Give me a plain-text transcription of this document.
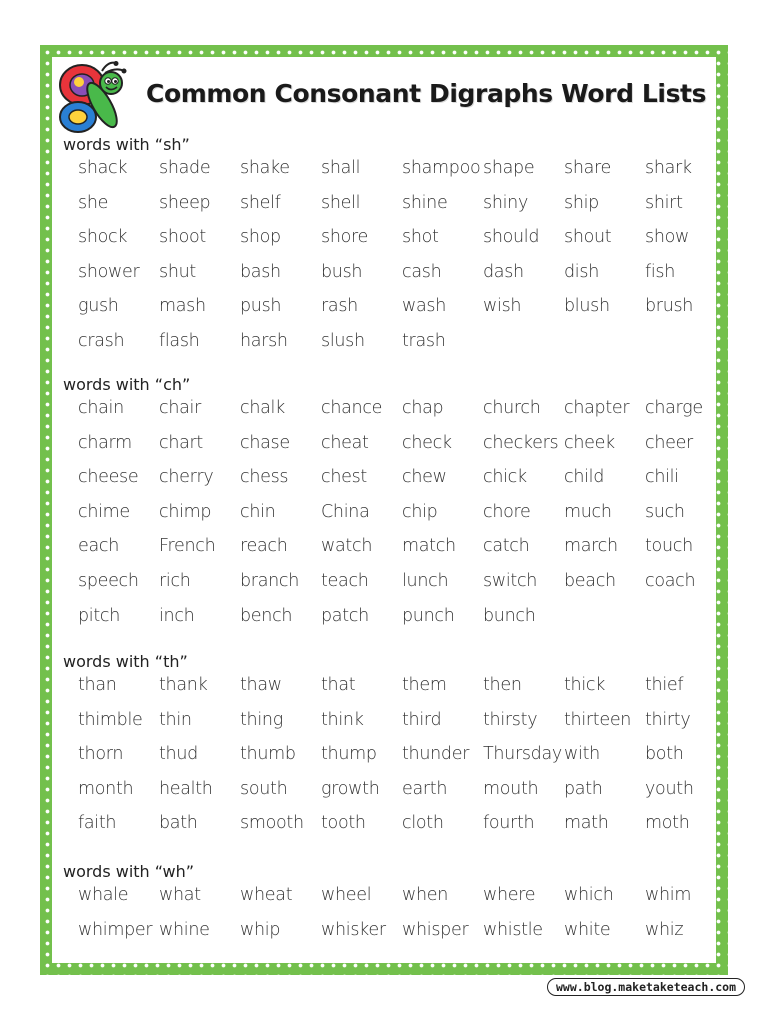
Common Consonant Digraphs Word Lists
words with “sh”
shack	shade	shake	shall	shampoo shape	share	shark
she	sheep	shelf	shell	shine	shiny	ship	shirt
shock	shoot	shop	shore	shot	should	shout	show
shower	shut	bash	bush	cash	dash	dish	fish
gush	mash	push	rash	wash	wish	blush	brush
crash	flash	harsh	slush	trash
words with “ch”
chain	chair	chalk	chance	chap	church	chapter charge
charm	chart	chase	cheat	check	checkers cheek	cheer
cheese	cherry	chess	chest	chew	chick	child	chili
chime	chimp	chin	China	chip	chore	much	such
each	French	reach	watch	match	catch	march	touch
speech	rich	branch	teach	lunch	switch	beach	coach
pitch	inch	bench	patch	punch	bunch
words with “th”
than	thank	thaw	that	them	then	thick	thief
thimble thin	thing	think	third	thirsty	thirteen thirty
thorn	thud	thumb	thump	thunder Thursday with	both
month	health	south	growth	earth	mouth	path	youth
faith	bath	smooth tooth	cloth	fourth	math	moth
words with “wh”
whale	what	wheat	wheel	when	where	which	whim
whimper whine	whip	whisker whisper whistle	white	whiz
www.blog.maketaketeach.com
